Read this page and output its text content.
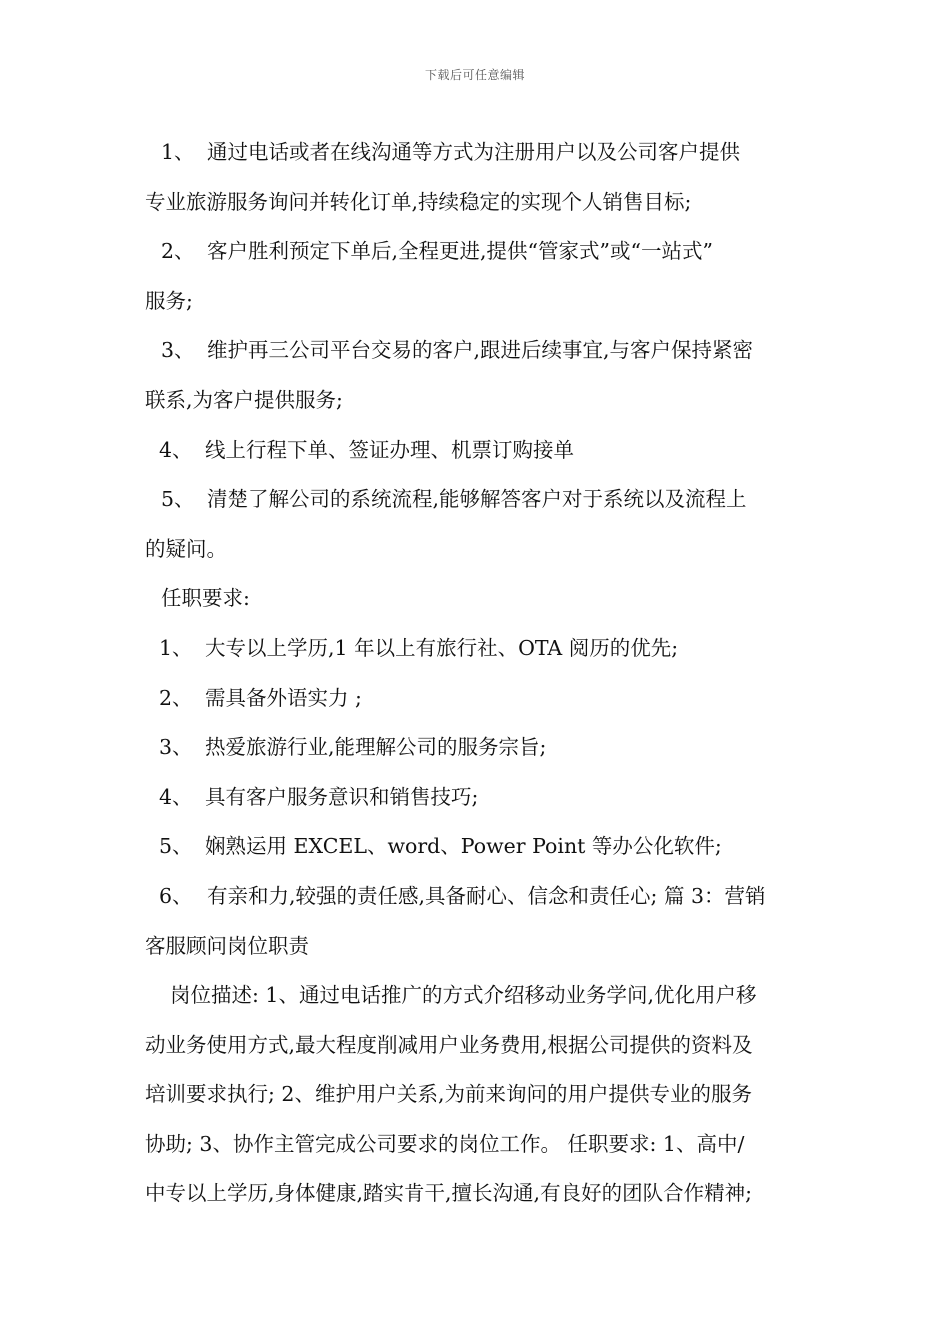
下载后可任意编辑
1、 通过电话或者在线沟通等方式为注册用户以及公司客户提供
专业旅游服务询问并转化订单,持续稳定的实现个人销售目标;
2、 客户胜利预定下单后,全程更进,提供“管家式”或“一站式”
服务;
3、 维护再三公司平台交易的客户,跟进后续事宜,与客户保持紧密
联系,为客户提供服务;
4、 线上行程下单、签证办理、机票订购接单
5、 清楚了解公司的系统流程,能够解答客户对于系统以及流程上
的疑问。
任职要求:
1、 大专以上学历,1 年以上有旅行社、OTA 阅历的优先;
2、 需具备外语实力 ;
3、 热爱旅游行业,能理解公司的服务宗旨;
4、 具有客户服务意识和销售技巧;
5、 娴熟运用 EXCEL、word、Power Point 等办公化软件;
6、 有亲和力,较强的责任感,具备耐心、信念和责任心; 篇 3：营销
客服顾问岗位职责
岗位描述: 1、通过电话推广的方式介绍移动业务学问,优化用户移
动业务使用方式,最大程度削减用户业务费用,根据公司提供的资料及
培训要求执行; 2、维护用户关系,为前来询问的用户提供专业的服务
协助; 3、协作主管完成公司要求的岗位工作。 任职要求: 1、高中/
中专以上学历,身体健康,踏实肯干,擅长沟通,有良好的团队合作精神;
